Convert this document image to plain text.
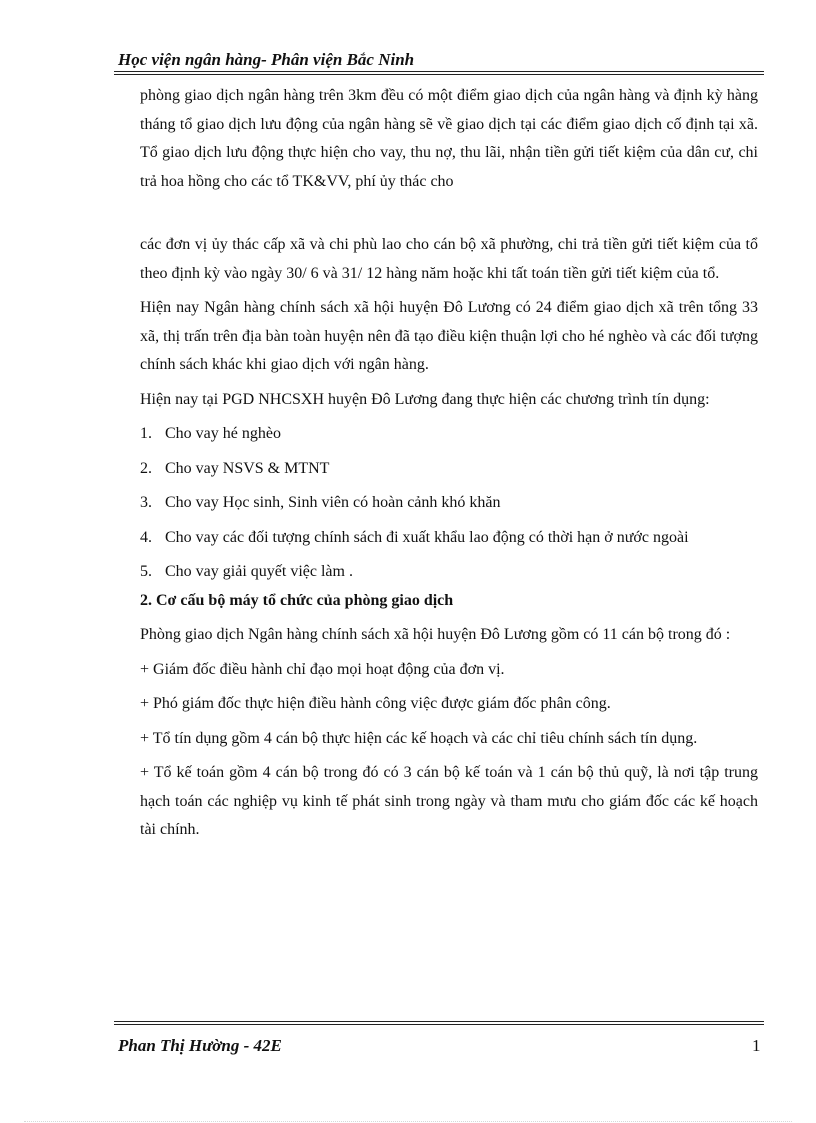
Học viện ngân hàng- Phân viện Bắc Ninh

phòng giao dịch ngân hàng trên 3km đều có một điểm giao dịch của ngân hàng và định kỳ hàng tháng tổ giao dịch lưu động của ngân hàng sẽ về giao dịch tại các điểm giao dịch cố định tại xã. Tổ giao dịch lưu động thực hiện cho vay, thu nợ, thu lãi, nhận tiền gửi tiết kiệm của dân cư, chi trả hoa hồng cho các tổ TK&VV, phí ủy thác cho

các đơn vị ủy thác cấp xã và chi phù lao cho cán bộ xã phường, chi trả tiền gửi tiết kiệm của tổ theo định kỳ vào ngày 30/ 6 và 31/ 12 hàng năm hoặc khi tất toán tiền gửi tiết kiệm của tổ.

Hiện nay Ngân hàng chính sách xã hội huyện Đô Lương có 24 điểm giao dịch xã trên tổng 33 xã, thị trấn trên địa bàn toàn huyện nên đã tạo điều kiện thuận lợi cho hé nghèo và các đối tượng chính sách khác khi giao dịch với ngân hàng.

Hiện nay tại PGD NHCSXH huyện Đô Lương đang thực hiện các chương trình tín dụng:

1. Cho vay hé nghèo
2. Cho vay NSVS & MTNT
3. Cho vay Học sinh, Sinh viên có hoàn cảnh khó khăn
4. Cho vay các đối tượng chính sách đi xuất khẩu lao động có thời hạn ở nước ngoài
5. Cho vay giải quyết việc làm .

2. Cơ cấu bộ máy tổ chức của phòng giao dịch

Phòng giao dịch Ngân hàng chính sách xã hội huyện Đô Lương gồm có 11 cán bộ trong đó :

+ Giám đốc điều hành chỉ đạo mọi hoạt động của đơn vị.

+ Phó giám đốc thực hiện điều hành công việc được giám đốc phân công.

+ Tổ tín dụng gồm 4 cán bộ thực hiện các kế hoạch và các chỉ tiêu chính sách tín dụng.

+ Tổ kế toán gồm 4 cán bộ trong đó có 3 cán bộ kế toán và 1 cán bộ thủ quỹ, là nơi tập trung hạch toán các nghiệp vụ kinh tế phát sinh trong ngày và tham mưu cho giám đốc các kế hoạch tài chính.

Phan Thị Hường - 42E	1
